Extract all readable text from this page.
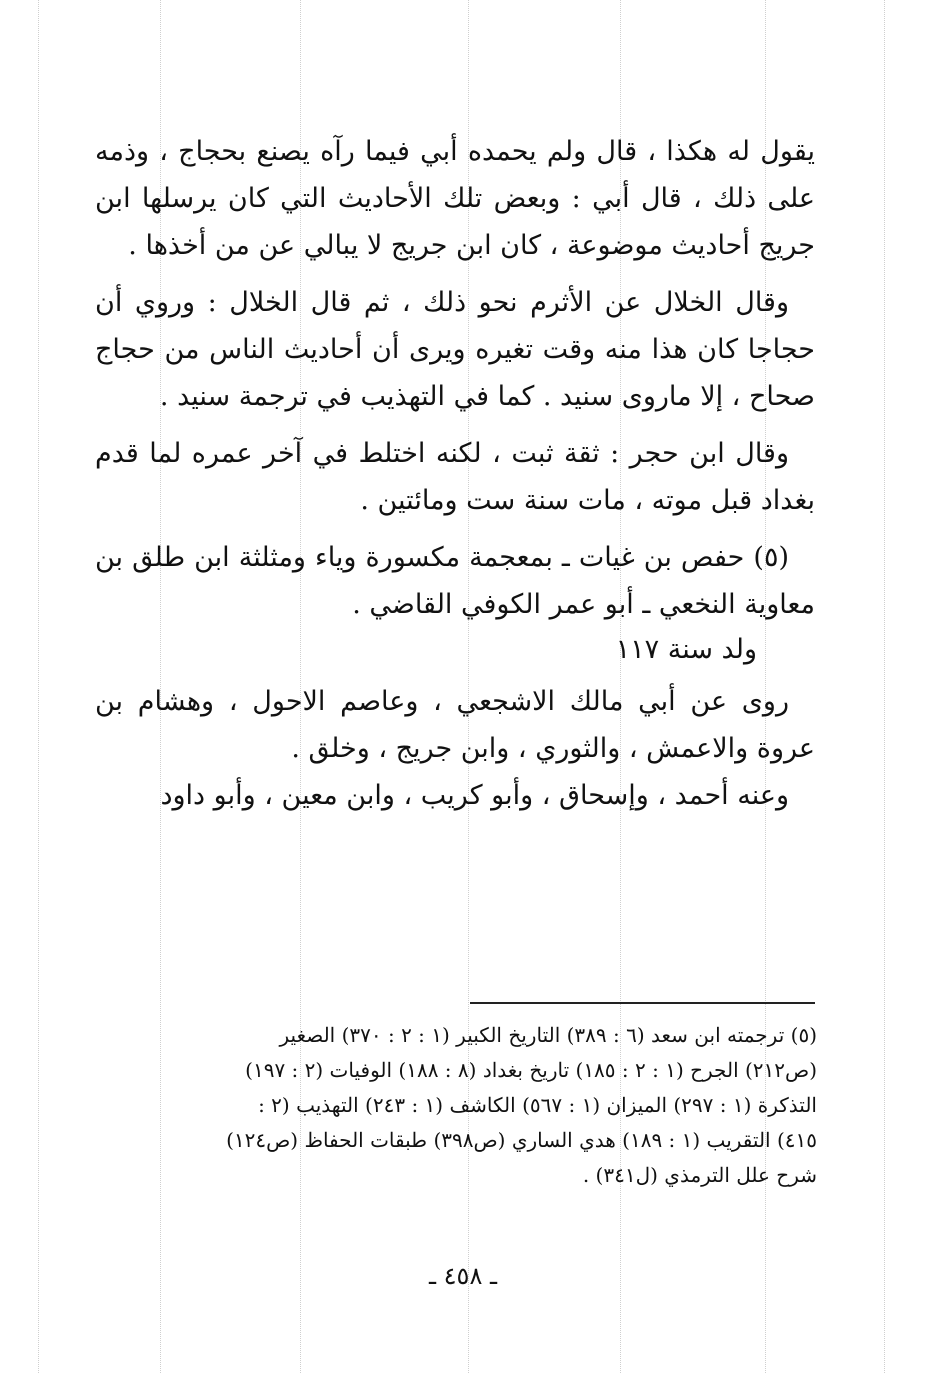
يقول له هكذا ، قال ولم يحمده أبي فيما رآه يصنع بحجاج ، وذمه على ذلك ، قال أبي : وبعض تلك الأحاديث التي كان يرسلها ابن جريج أحاديث موضوعة ، كان ابن جريج لا يبالي عن من أخذها .

وقال الخلال عن الأثرم نحو ذلك ، ثم قال الخلال : وروي أن حجاجا كان هذا منه وقت تغيره ويرى أن أحاديث الناس من حجاج صحاح ، إلا ماروى سنيد . كما في التهذيب في ترجمة سنيد .

وقال ابن حجر : ثقة ثبت ، لكنه اختلط في آخر عمره لما قدم بغداد قبل موته ، مات سنة ست ومائتين .

(٥) حفص بن غيات ـ بمعجمة مكسورة وياء ومثلثة ابن طلق بن معاوية النخعي ـ أبو عمر الكوفي القاضي .

ولد سنة ١١٧

روى عن أبي مالك الاشجعي ، وعاصم الاحول ، وهشام بن عروة والاعمش ، والثوري ، وابن جريج ، وخلق .

وعنه أحمد ، وإسحاق ، وأبو كريب ، وابن معين ، وأبو داود

(٥) ترجمته ابن سعد (٦ : ٣٨٩) التاريخ الكبير (١ : ٢ : ٣٧٠) الصغير

(ص٢١٢) الجرح (١ : ٢ : ١٨٥) تاريخ بغداد (٨ : ١٨٨) الوفيات (٢ : ١٩٧)

التذكرة (١ : ٢٩٧) الميزان (١ : ٥٦٧) الكاشف (١ : ٢٤٣) التهذيب (٢ :

٤١٥) التقريب (١ : ١٨٩) هدي الساري (ص٣٩٨) طبقات الحفاظ (ص١٢٤)

شرح علل الترمذي (ل٣٤١) .

ـ ٤٥٨ ـ
